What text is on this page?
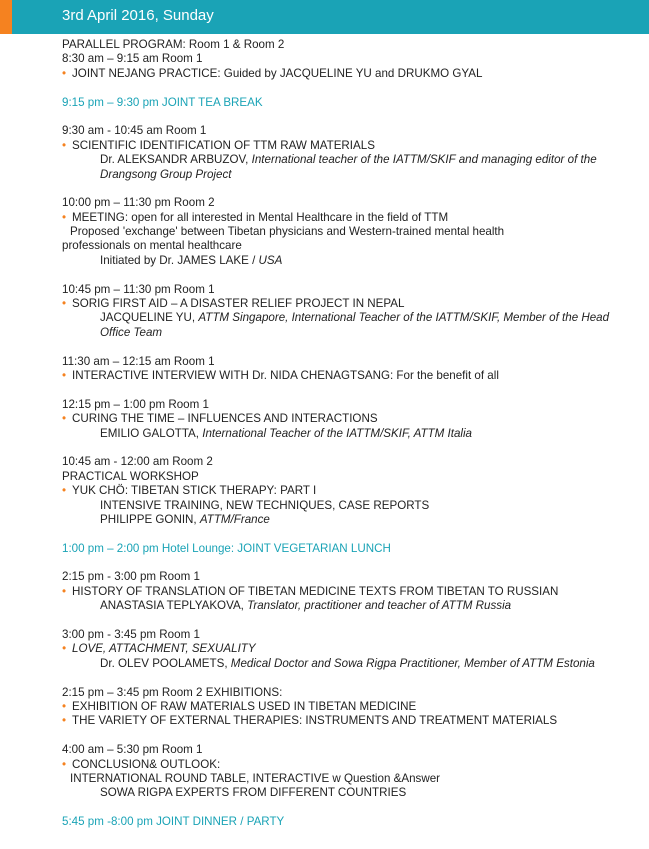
3rd April 2016, Sunday
PARALLEL PROGRAM: Room 1 & Room 2
8:30 am – 9:15 am Room 1
• JOINT NEJANG PRACTICE: Guided by JACQUELINE YU and DRUKMO GYAL
9:15 pm – 9:30 pm JOINT TEA BREAK
9:30 am - 10:45 am Room 1
• SCIENTIFIC IDENTIFICATION OF TTM RAW MATERIALS
Dr. ALEKSANDR ARBUZOV, International teacher of the IATTM/SKIF and managing editor of the
Drangsong Group Project
10:00 pm – 11:30 pm Room 2
• MEETING: open for all interested in Mental Healthcare in the field of TTM
Proposed 'exchange' between Tibetan physicians and Western-trained mental health
professionals on mental healthcare
Initiated by Dr. JAMES LAKE / USA
10:45 pm – 11:30 pm Room 1
• SORIG FIRST AID – A DISASTER RELIEF PROJECT IN NEPAL
JACQUELINE YU, ATTM Singapore, International Teacher of the IATTM/SKIF, Member of the Head
Office Team
11:30 am – 12:15 am Room 1
• INTERACTIVE INTERVIEW WITH Dr. NIDA CHENAGTSANG: For the benefit of all
12:15 pm – 1:00 pm Room 1
• CURING THE TIME – INFLUENCES AND INTERACTIONS
EMILIO GALOTTA, International Teacher of the IATTM/SKIF, ATTM Italia
10:45 am - 12:00 am Room 2
PRACTICAL WORKSHOP
• YUK CHÖ: TIBETAN STICK THERAPY: PART I
INTENSIVE TRAINING, NEW TECHNIQUES, CASE REPORTS
PHILIPPE GONIN, ATTM/France
1:00 pm – 2:00 pm Hotel Lounge: JOINT VEGETARIAN LUNCH
2:15 pm - 3:00 pm Room 1
• HISTORY OF TRANSLATION OF TIBETAN MEDICINE TEXTS FROM TIBETAN TO RUSSIAN
ANASTASIA TEPLYAKOVA, Translator, practitioner and teacher of ATTM Russia
3:00 pm - 3:45 pm Room 1
• LOVE, ATTACHMENT, SEXUALITY
Dr. OLEV POOLAMETS, Medical Doctor and Sowa Rigpa Practitioner, Member of ATTM Estonia
2:15 pm – 3:45 pm Room 2 EXHIBITIONS:
• EXHIBITION OF RAW MATERIALS USED IN TIBETAN MEDICINE
• THE VARIETY OF EXTERNAL THERAPIES: INSTRUMENTS AND TREATMENT MATERIALS
4:00 am – 5:30 pm Room 1
• CONCLUSION& OUTLOOK:
INTERNATIONAL ROUND TABLE, INTERACTIVE w Question &Answer
SOWA RIGPA EXPERTS FROM DIFFERENT COUNTRIES
5:45 pm -8:00 pm JOINT DINNER / PARTY
